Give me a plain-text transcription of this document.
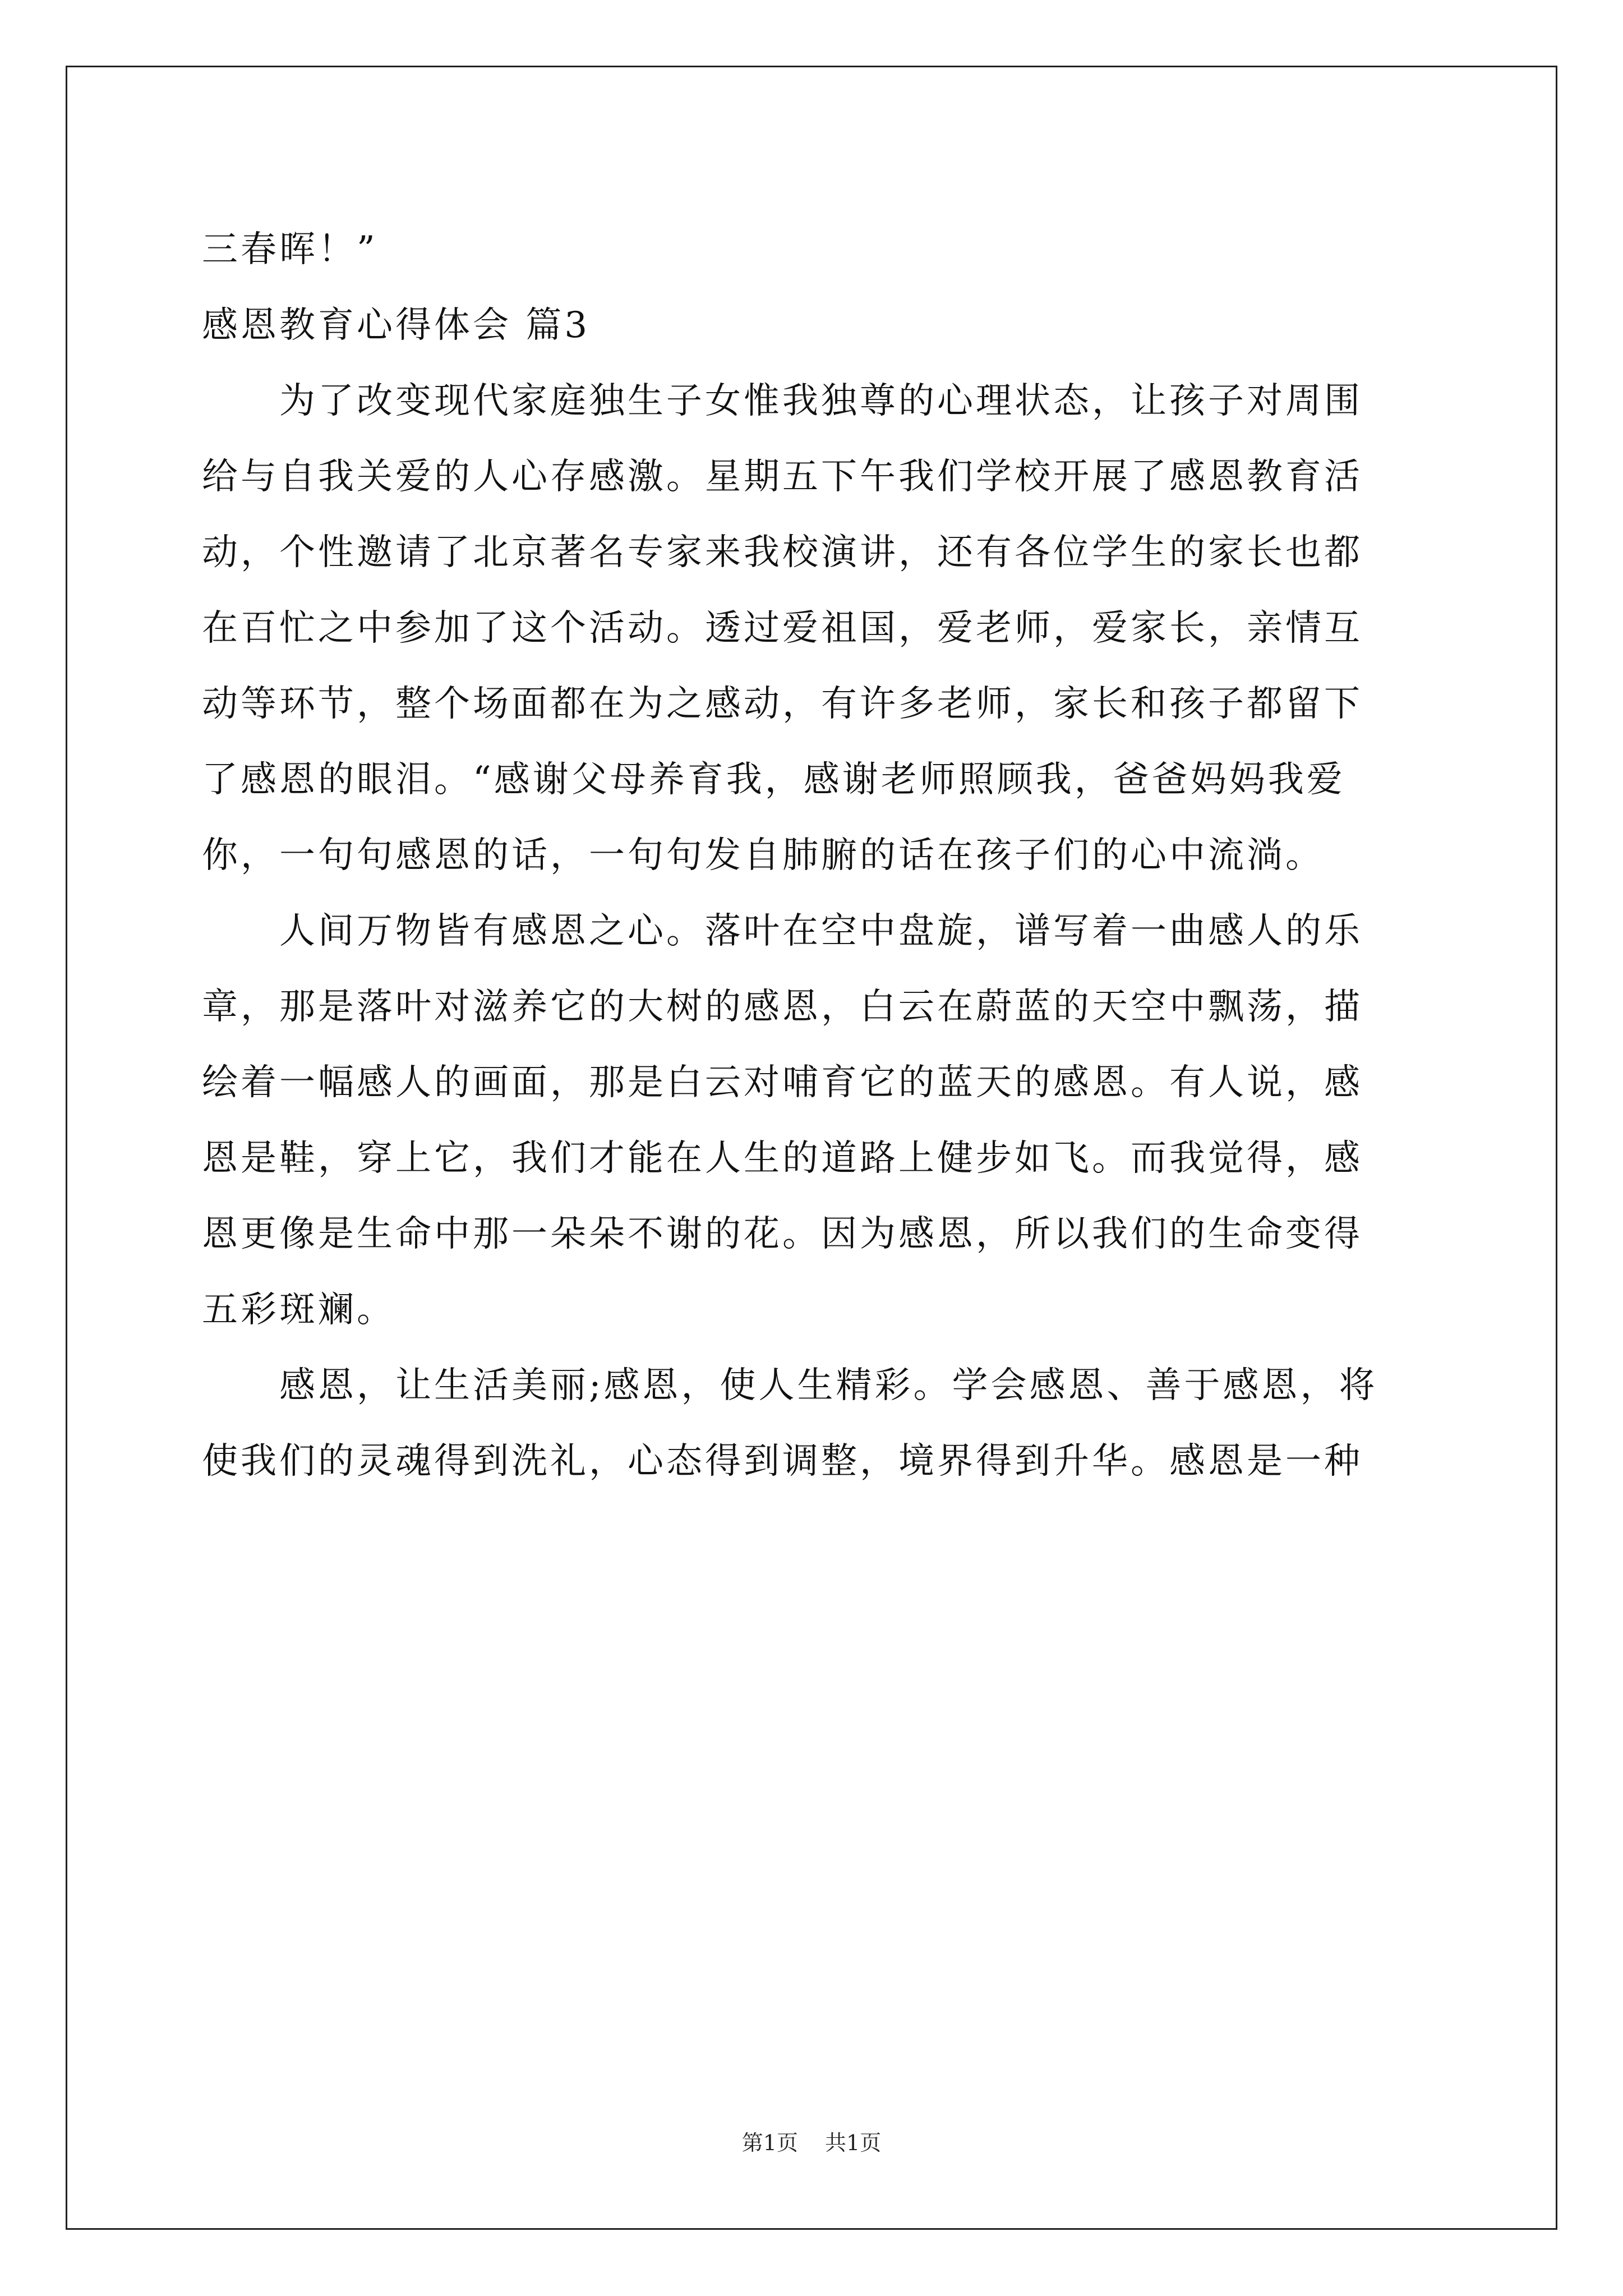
三春晖！”
感恩教育心得体会 篇3
　　为了改变现代家庭独生子女惟我独尊的心理状态，让孩子对周围
给与自我关爱的人心存感激。星期五下午我们学校开展了感恩教育活
动，个性邀请了北京著名专家来我校演讲，还有各位学生的家长也都
在百忙之中参加了这个活动。透过爱祖国，爱老师，爱家长，亲情互
动等环节，整个场面都在为之感动，有许多老师，家长和孩子都留下
了感恩的眼泪。“感谢父母养育我，感谢老师照顾我，爸爸妈妈我爱
你，一句句感恩的话，一句句发自肺腑的话在孩子们的心中流淌。
　　人间万物皆有感恩之心。落叶在空中盘旋，谱写着一曲感人的乐
章，那是落叶对滋养它的大树的感恩，白云在蔚蓝的天空中飘荡，描
绘着一幅感人的画面，那是白云对哺育它的蓝天的感恩。有人说，感
恩是鞋，穿上它，我们才能在人生的道路上健步如飞。而我觉得，感
恩更像是生命中那一朵朵不谢的花。因为感恩，所以我们的生命变得
五彩斑斓。
　　感恩，让生活美丽;感恩，使人生精彩。学会感恩、善于感恩，将
使我们的灵魂得到洗礼，心态得到调整，境界得到升华。感恩是一种
第1页 共1页
